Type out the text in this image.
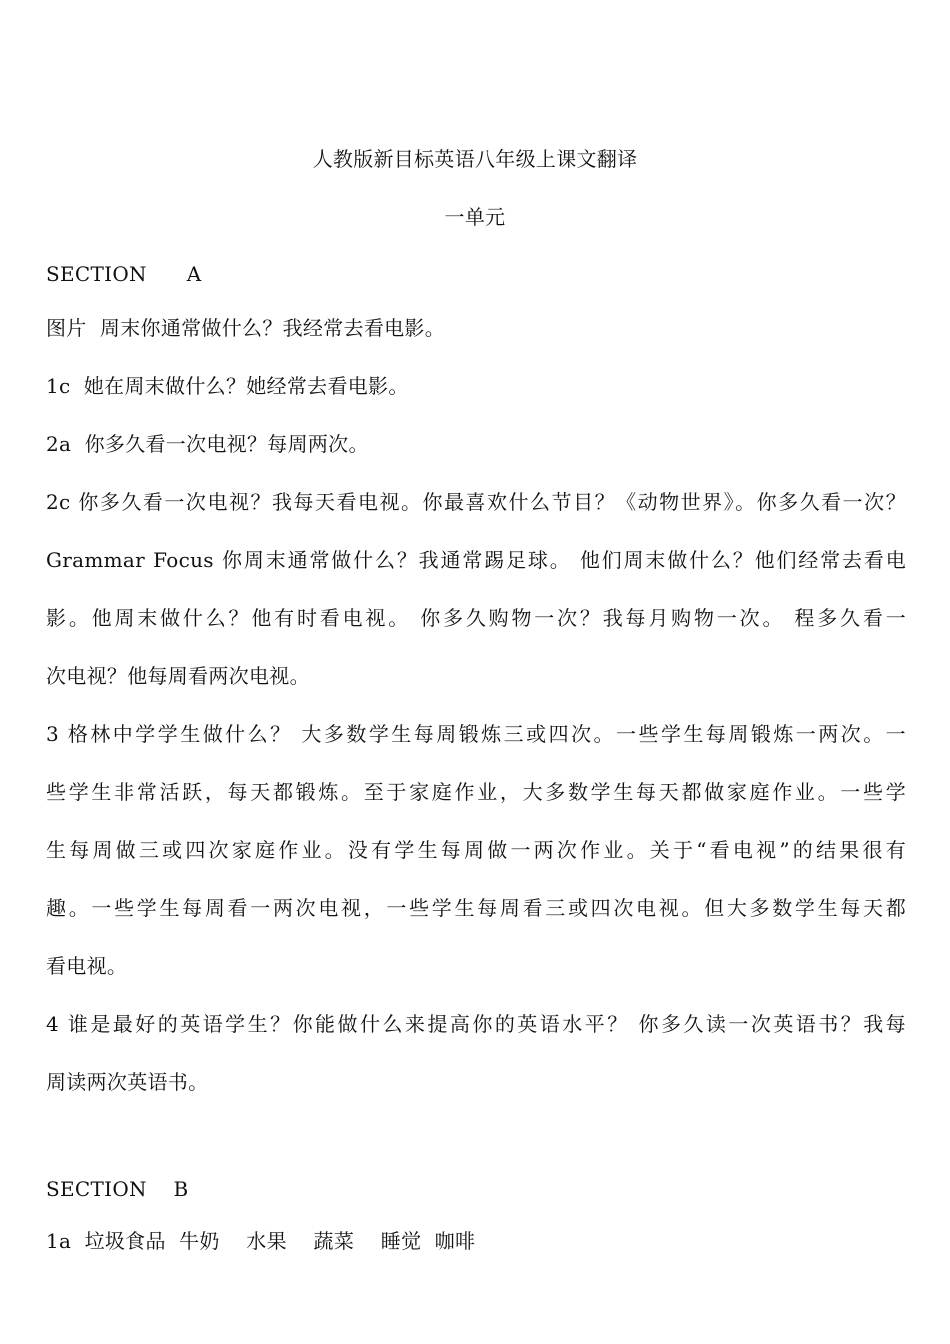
人教版新目标英语八年级上课文翻译
一单元
SECTION      A
图片  周末你通常做什么？我经常去看电影。
1c  她在周末做什么？她经常去看电影。
2a  你多久看一次电视？每周两次。
2c 你多久看一次电视？我每天看电视。你最喜欢什么节目？《动物世界》。你多久看一次？
Grammar Focus 你周末通常做什么？我通常踢足球。 他们周末做什么？他们经常去看电
影。他周末做什么？他有时看电视。 你多久购物一次？我每月购物一次。 程多久看一
次电视？他每周看两次电视。
3 格林中学学生做什么？ 大多数学生每周锻炼三或四次。一些学生每周锻炼一两次。一
些学生非常活跃，每天都锻炼。至于家庭作业，大多数学生每天都做家庭作业。一些学
生每周做三或四次家庭作业。没有学生每周做一两次作业。关于“看电视”的结果很有
趣。一些学生每周看一两次电视，一些学生每周看三或四次电视。但大多数学生每天都
看电视。
4 谁是最好的英语学生？你能做什么来提高你的英语水平？ 你多久读一次英语书？我每
周读两次英语书。
SECTION    B
1a  垃圾食品  牛奶    水果    蔬菜    睡觉  咖啡
